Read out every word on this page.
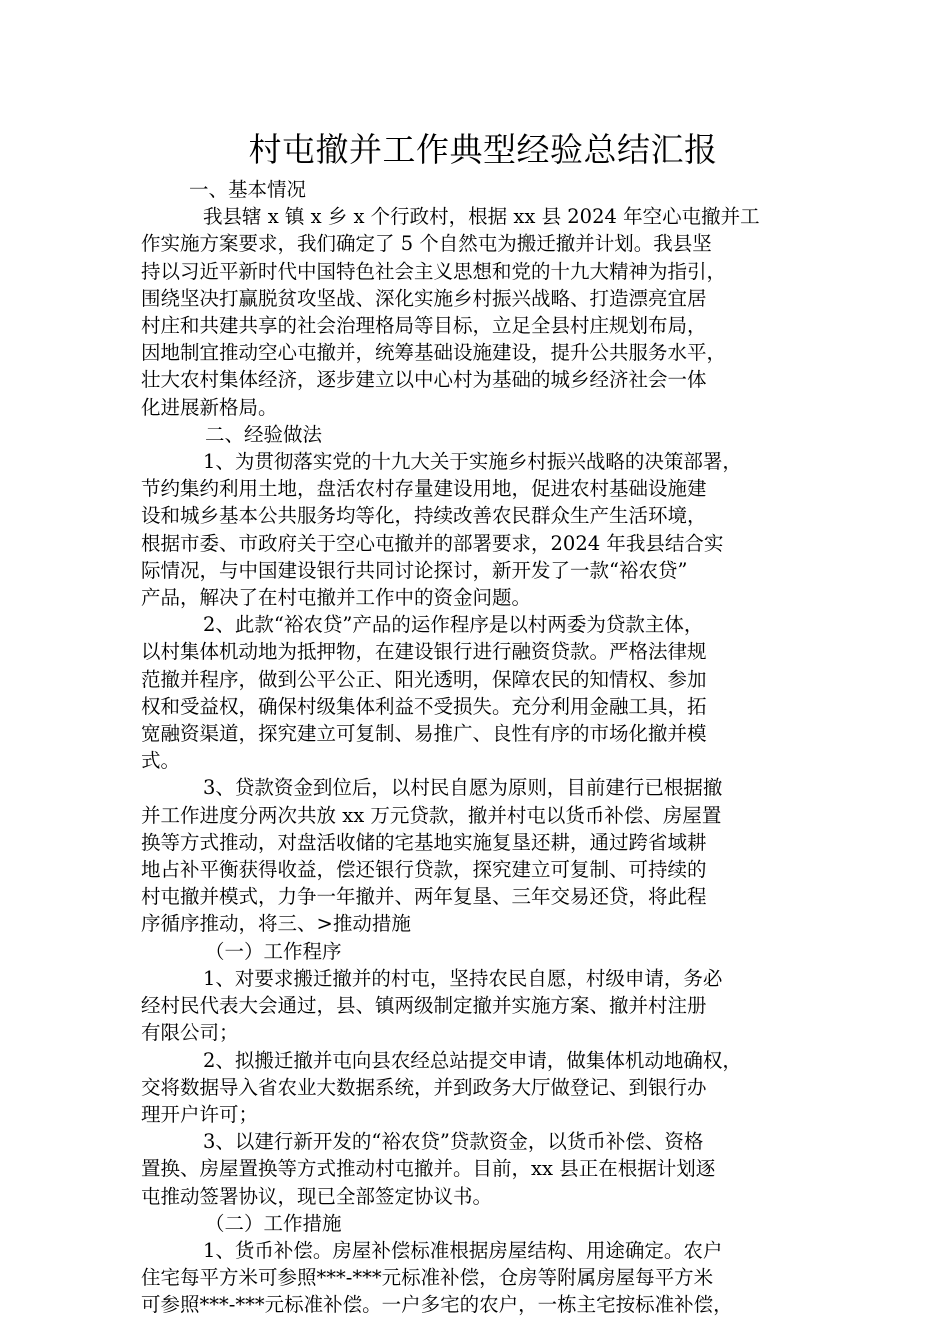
村屯撤并工作典型经验总结汇报

一、基本情况

我县辖 x 镇 x 乡 x 个行政村，根据 xx 县 2024 年空心屯撤并工

作实施方案要求，我们确定了 5 个自然屯为搬迁撤并计划。我县坚

持以习近平新时代中国特色社会主义思想和党的十九大精神为指引，

围绕坚决打赢脱贫攻坚战、深化实施乡村振兴战略、打造漂亮宜居

村庄和共建共享的社会治理格局等目标，立足全县村庄规划布局，

因地制宜推动空心屯撤并，统筹基础设施建设，提升公共服务水平，

壮大农村集体经济，逐步建立以中心村为基础的城乡经济社会一体

化进展新格局。

二、经验做法

1、为贯彻落实党的十九大关于实施乡村振兴战略的决策部署，

节约集约利用土地，盘活农村存量建设用地，促进农村基础设施建

设和城乡基本公共服务均等化，持续改善农民群众生产生活环境，

根据市委、市政府关于空心屯撤并的部署要求，2024 年我县结合实

际情况，与中国建设银行共同讨论探讨，新开发了一款“裕农贷”

产品，解决了在村屯撤并工作中的资金问题。

2、此款“裕农贷”产品的运作程序是以村两委为贷款主体，

以村集体机动地为抵押物，在建设银行进行融资贷款。严格法律规

范撤并程序，做到公平公正、阳光透明，保障农民的知情权、参加

权和受益权，确保村级集体利益不受损失。充分利用金融工具，拓

宽融资渠道，探究建立可复制、易推广、良性有序的市场化撤并模

式。

3、贷款资金到位后，以村民自愿为原则，目前建行已根据撤

并工作进度分两次共放 xx 万元贷款，撤并村屯以货币补偿、房屋置

换等方式推动，对盘活收储的宅基地实施复垦还耕，通过跨省域耕

地占补平衡获得收益，偿还银行贷款，探究建立可复制、可持续的

村屯撤并模式，力争一年撤并、两年复垦、三年交易还贷，将此程

序循序推动，将三、>推动措施

（一）工作程序

1、对要求搬迁撤并的村屯，坚持农民自愿，村级申请，务必

经村民代表大会通过，县、镇两级制定撤并实施方案、撤并村注册

有限公司；

2、拟搬迁撤并屯向县农经总站提交申请，做集体机动地确权，

交将数据导入省农业大数据系统，并到政务大厅做登记、到银行办

理开户许可；

3、以建行新开发的“裕农贷”贷款资金，以货币补偿、资格

置换、房屋置换等方式推动村屯撤并。目前，xx 县正在根据计划逐

屯推动签署协议，现已全部签定协议书。

（二）工作措施

1、货币补偿。房屋补偿标准根据房屋结构、用途确定。农户

住宅每平方米可参照***-***元标准补偿，仓房等附属房屋每平方米

可参照***-***元标准补偿。一户多宅的农户，一栋主宅按标准补偿，
